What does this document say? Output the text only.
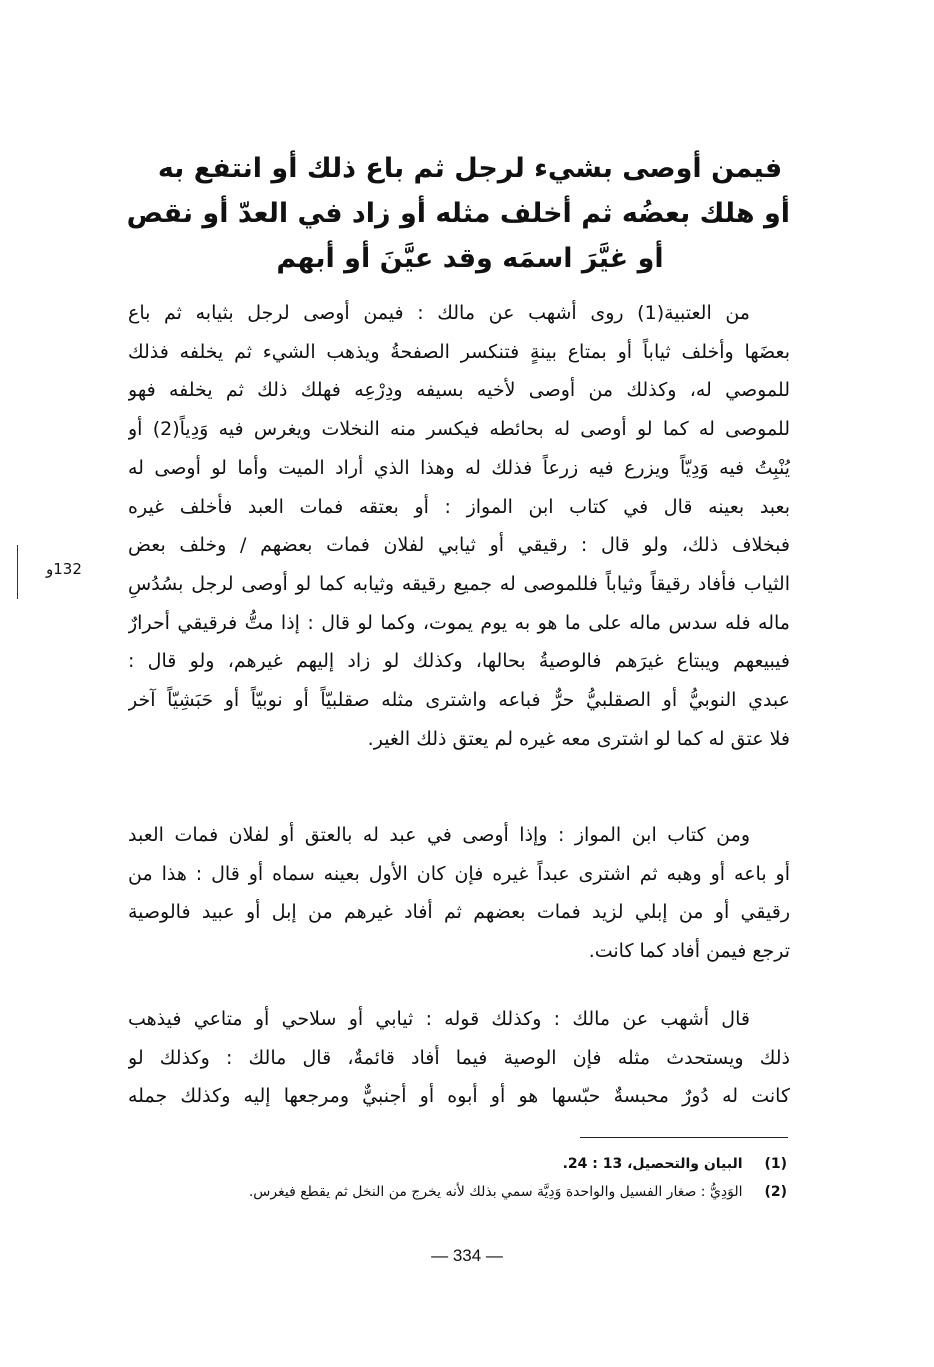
فيمن أوصى بشيء لرجل ثم باع ذلك أو انتفع به
أو هلك بعضُه ثم أخلف مثله أو زاد في العدّ أو نقص
أو غيَّرَ اسمَه وقد عيَّنَ أو أبهم
من العتبية(1) روى أشهب عن مالك : فيمن أوصى لرجل بثيابه ثم باع
بعضَها وأخلف ثياباً أو بمتاع بينةٍ فتنكسر الصفحةُ ويذهب الشيء ثم يخلفه فذلك
للموصي له، وكذلك من أوصى لأخيه بسيفه ودِرْعِه فهلك ذلك ثم يخلفه فهو
للموصى له كما لو أوصى له بحائطه فيكسر منه النخلات ويغرس فيه وَدِياً(2) أو
يُنْبِتُ فيه وَدِيّاً ويزرع فيه زرعاً فذلك له وهذا الذي أراد الميت وأما لو أوصى له
بعبد بعينه قال في كتاب ابن المواز : أو بعتقه فمات العبد فأخلف غيره
فبخلاف ذلك، ولو قال : رقيقي أو ثيابي لفلان فمات بعضهم / وخلف بعض
الثياب فأفاد رقيقاً وثياباً فللموصى له جميع رقيقه وثيابه كما لو أوصى لرجل بسُدُسِ
ماله فله سدس ماله على ما هو به يوم يموت، وكما لو قال : إذا متُّ فرقيقي أحرارٌ
فيبيعهم ويبتاع غيرَهم فالوصيةُ بحالها، وكذلك لو زاد إليهم غيرهم، ولو قال :
عبدي النوبيُّ أو الصقلبيُّ حرٌّ فباعه واشترى مثله صقلبيّاً أو نوبيّاً أو حَبَشِيّاً آخر
فلا عتق له كما لو اشترى معه غيره لم يعتق ذلك الغير.
ومن كتاب ابن المواز : وإذا أوصى في عبد له بالعتق أو لفلان فمات العبد
أو باعه أو وهبه ثم اشترى عبداً غيره فإن كان الأول بعينه سماه أو قال : هذا من
رقيقي أو من إبلي لزيد فمات بعضهم ثم أفاد غيرهم من إبل أو عبيد فالوصية
ترجع فيمن أفاد كما كانت.
قال أشهب عن مالك : وكذلك قوله : ثيابي أو سلاحي أو متاعي فيذهب
ذلك ويستحدث مثله فإن الوصية فيما أفاد قائمةٌ، قال مالك : وكذلك لو
كانت له دُورٌ محبسةٌ حبّسها هو أو أبوه أو أجنبيٌّ ومرجعها إليه وكذلك جمله
132و
(1) البيان والتحصيل، 13 : 24.
(2) الوَدِيُّ : صغار الفسيل والواحدة وَدِيَّة سمي بذلك لأنه يخرج من النخل ثم يقطع فيغرس.
— 334 —
